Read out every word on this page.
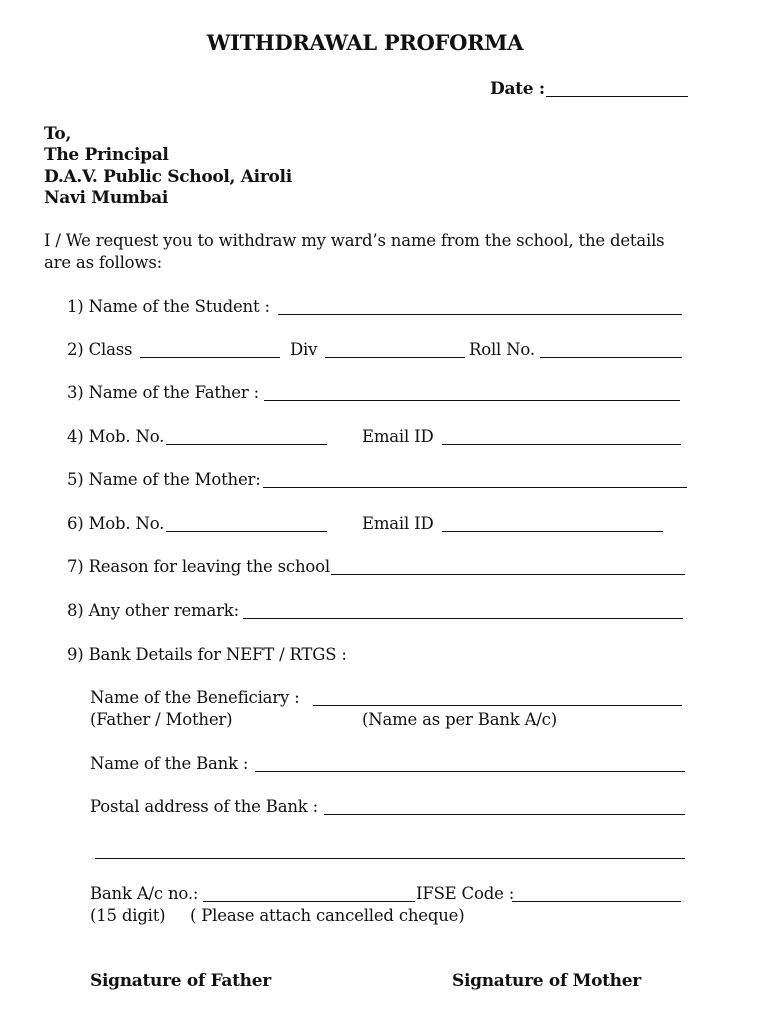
WITHDRAWAL PROFORMA
Date :
To,
The Principal
D.A.V. Public School, Airoli
Navi Mumbai
I / We request you to withdraw my ward’s name from the school, the details
are as follows:
1) Name of the Student :
2) Class	Div	Roll No.
3) Name of the Father :
4) Mob. No.	Email ID
5) Name of the Mother:
6) Mob. No.	Email ID
7) Reason for leaving the school
8) Any other remark:
9) Bank Details for NEFT / RTGS :
Name of the Beneficiary :
(Father / Mother)	(Name as per Bank A/c)
Name of the Bank :
Postal address of the Bank :
Bank A/c no.:	IFSE Code :
(15 digit) ( Please attach cancelled cheque)
Signature of Father	Signature of Mother
